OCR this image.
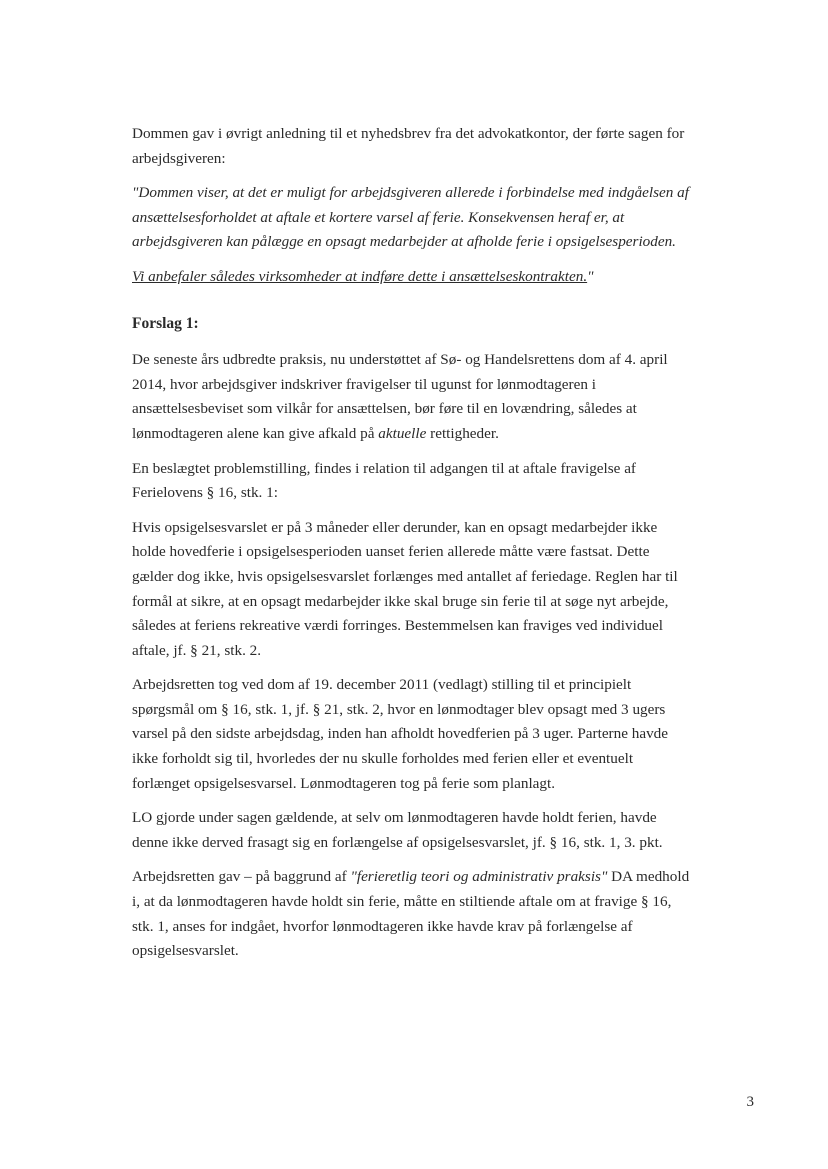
Dommen gav i øvrigt anledning til et nyhedsbrev fra det advokatkontor, der førte sagen for arbejdsgiveren:

"Dommen viser, at det er muligt for arbejdsgiveren allerede i forbindelse med indgåelsen af ansættelsesforholdet at aftale et kortere varsel af ferie. Konsekvensen heraf er, at arbejdsgiveren kan pålægge en opsagt medarbejder at afholde ferie i opsigelsesperioden.

Vi anbefaler således virksomheder at indføre dette i ansættelseskontrakten."

Forslag 1:

De seneste års udbredte praksis, nu understøttet af Sø- og Handelsrettens dom af 4. april 2014, hvor arbejdsgiver indskriver fravigelser til ugunst for lønmodtageren i ansættelsesbeviset som vilkår for ansættelsen, bør føre til en lovændring, således at lønmodtageren alene kan give afkald på aktuelle rettigheder.

En beslægtet problemstilling, findes i relation til adgangen til at aftale fravigelse af Ferielovens § 16, stk. 1:

Hvis opsigelsesvarslet er på 3 måneder eller derunder, kan en opsagt medarbejder ikke holde hovedferie i opsigelsesperioden uanset ferien allerede måtte være fastsat. Dette gælder dog ikke, hvis opsigelsesvarslet forlænges med antallet af feriedage. Reglen har til formål at sikre, at en opsagt medarbejder ikke skal bruge sin ferie til at søge nyt arbejde, således at feriens rekreative værdi forringes. Bestemmelsen kan fraviges ved individuel aftale, jf. § 21, stk. 2.

Arbejdsretten tog ved dom af 19. december 2011 (vedlagt) stilling til et principielt spørgsmål om § 16, stk. 1, jf. § 21, stk. 2, hvor en lønmodtager blev opsagt med 3 ugers varsel på den sidste arbejdsdag, inden han afholdt hovedferien på 3 uger. Parterne havde ikke forholdt sig til, hvorledes der nu skulle forholdes med ferien eller et eventuelt forlænget opsigelsesvarsel. Lønmodtageren tog på ferie som planlagt.

LO gjorde under sagen gældende, at selv om lønmodtageren havde holdt ferien, havde denne ikke derved frasagt sig en forlængelse af opsigelsesvarslet, jf. § 16, stk. 1, 3. pkt.

Arbejdsretten gav – på baggrund af "ferieretlig teori og administrativ praksis" DA medhold i, at da lønmodtageren havde holdt sin ferie, måtte en stiltiende aftale om at fravige § 16, stk. 1, anses for indgået, hvorfor lønmodtageren ikke havde krav på forlængelse af opsigelsesvarslet.

3
